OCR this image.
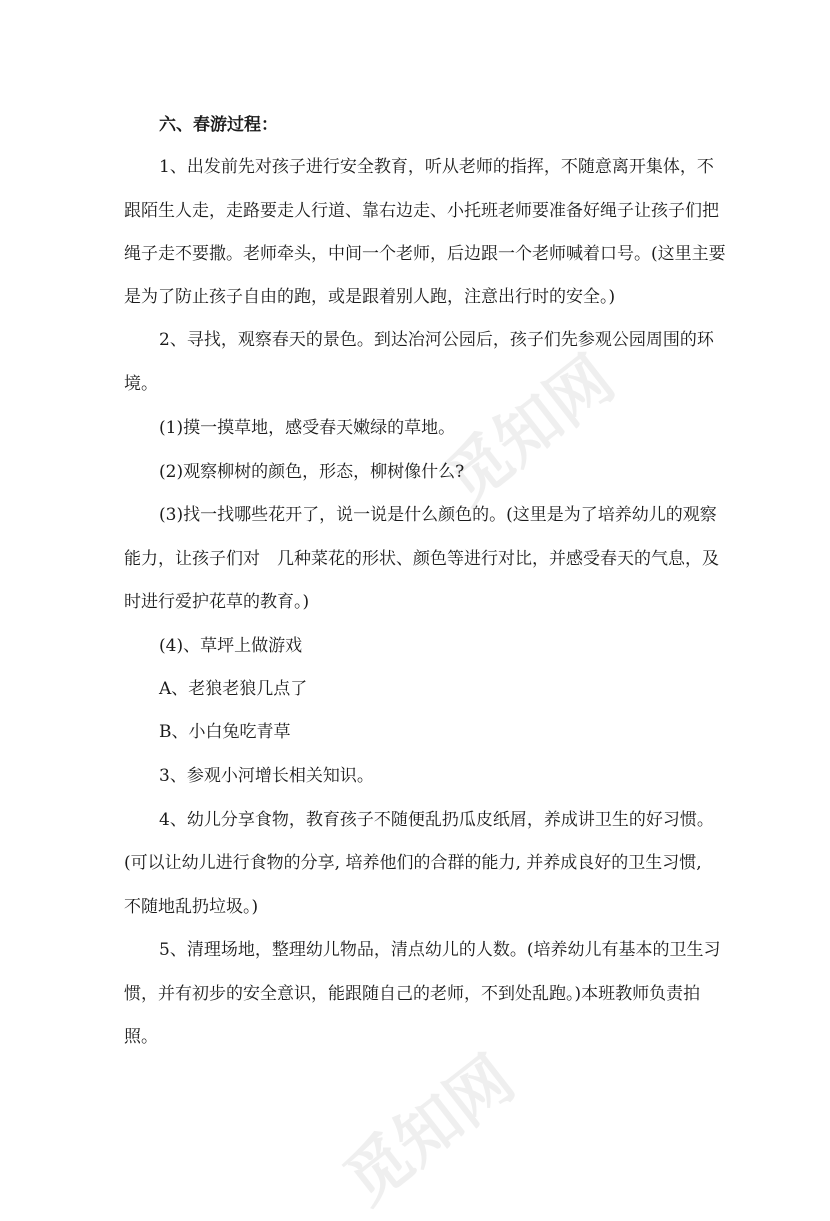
觅知网
觅知网
六、春游过程：
1、出发前先对孩子进行安全教育，听从老师的指挥，不随意离开集体，不
跟陌生人走，走路要走人行道、靠右边走、小托班老师要准备好绳子让孩子们把
绳子走不要撒。老师牵头，中间一个老师，后边跟一个老师喊着口号。(这里主要
是为了防止孩子自由的跑，或是跟着别人跑，注意出行时的安全。)
2、寻找，观察春天的景色。到达冶河公园后，孩子们先参观公园周围的环
境。
(1)摸一摸草地，感受春天嫩绿的草地。
(2)观察柳树的颜色，形态，柳树像什么?
(3)找一找哪些花开了，说一说是什么颜色的。(这里是为了培养幼儿的观察
能力，让孩子们对　几种菜花的形状、颜色等进行对比，并感受春天的气息，及
时进行爱护花草的教育。)
(4)、草坪上做游戏
A、老狼老狼几点了
B、小白兔吃青草
3、参观小河增长相关知识。
4、幼儿分享食物，教育孩子不随便乱扔瓜皮纸屑，养成讲卫生的好习惯。
(可以让幼儿进行食物的分享, 培养他们的合群的能力, 并养成良好的卫生习惯,
不随地乱扔垃圾。)
5、清理场地，整理幼儿物品，清点幼儿的人数。(培养幼儿有基本的卫生习
惯，并有初步的安全意识，能跟随自己的老师，不到处乱跑。)本班教师负责拍
照。
